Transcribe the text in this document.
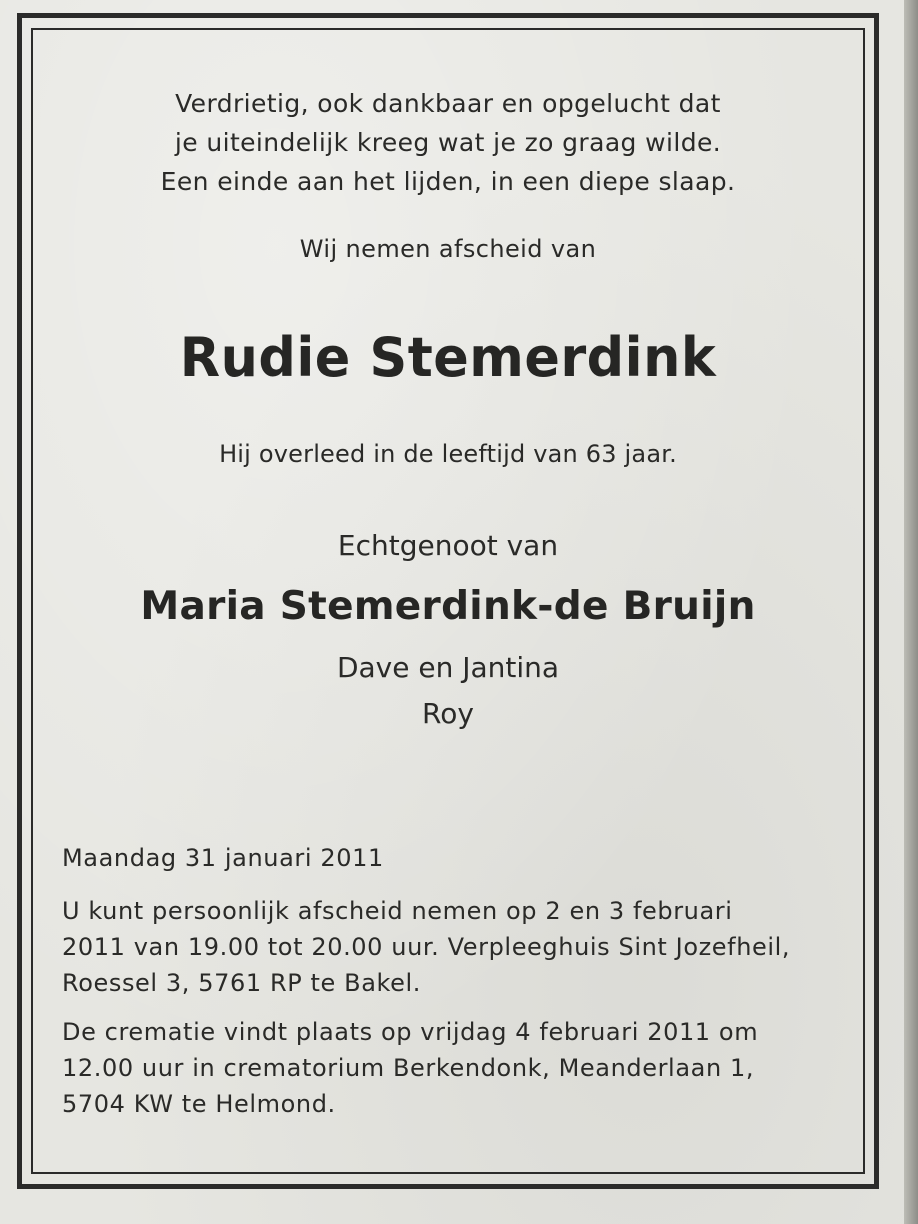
Verdrietig, ook dankbaar en opgelucht dat
je uiteindelijk kreeg wat je zo graag wilde.
Een einde aan het lijden, in een diepe slaap.
Wij nemen afscheid van
Rudie Stemerdink
Hij overleed in de leeftijd van 63 jaar.
Echtgenoot van
Maria Stemerdink-de Bruijn
Dave en Jantina
Roy
Maandag 31 januari 2011

U kunt persoonlijk afscheid nemen op 2 en 3 februari

2011 van 19.00 tot 20.00 uur. Verpleeghuis Sint Jozefheil,

Roessel 3, 5761 RP te Bakel.

De crematie vindt plaats op vrijdag 4 februari 2011 om

12.00 uur in crematorium Berkendonk, Meanderlaan 1,

5704 KW te Helmond.
